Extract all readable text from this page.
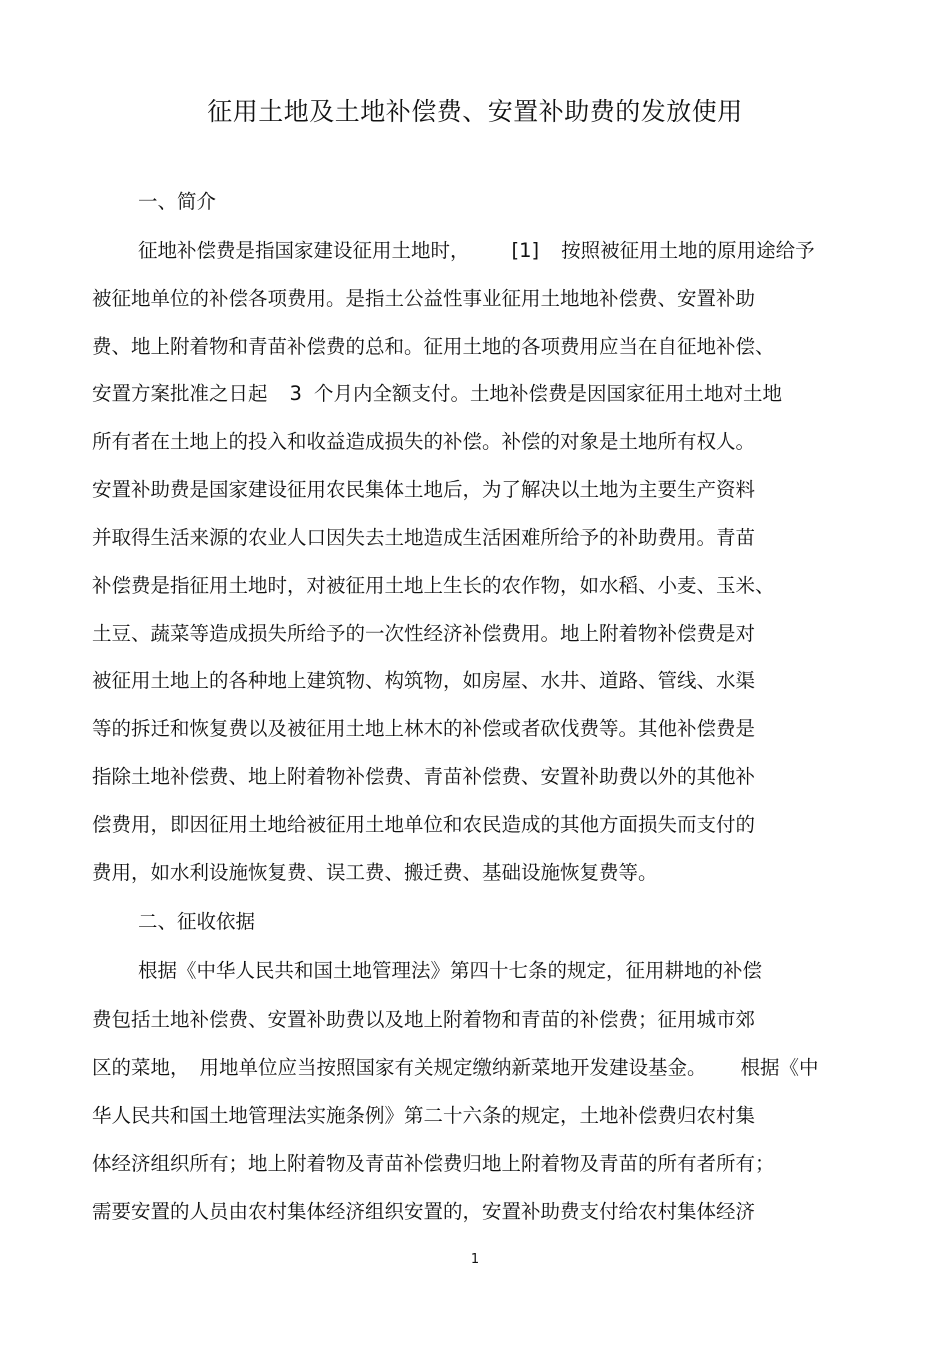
征用土地及土地补偿费、安置补助费的发放使用
一、简介
征地补偿费是指国家建设征用土地时， [1] 按照被征用土地的原用途给予
被征地单位的补偿各项费用。是指土公益性事业征用土地地补偿费、安置补助
费、地上附着物和青苗补偿费的总和。征用土地的各项费用应当在自征地补偿、
安置方案批准之日起 3 个月内全额支付。土地补偿费是因国家征用土地对土地
所有者在土地上的投入和收益造成损失的补偿。补偿的对象是土地所有权人。
安置补助费是国家建设征用农民集体土地后，为了解决以土地为主要生产资料
并取得生活来源的农业人口因失去土地造成生活困难所给予的补助费用。青苗
补偿费是指征用土地时，对被征用土地上生长的农作物，如水稻、小麦、玉米、
土豆、蔬菜等造成损失所给予的一次性经济补偿费用。地上附着物补偿费是对
被征用土地上的各种地上建筑物、构筑物，如房屋、水井、道路、管线、水渠
等的拆迁和恢复费以及被征用土地上林木的补偿或者砍伐费等。其他补偿费是
指除土地补偿费、地上附着物补偿费、青苗补偿费、安置补助费以外的其他补
偿费用，即因征用土地给被征用土地单位和农民造成的其他方面损失而支付的
费用，如水利设施恢复费、误工费、搬迁费、基础设施恢复费等。
二、征收依据
根据《中华人民共和国土地管理法》第四十七条的规定，征用耕地的补偿
费包括土地补偿费、安置补助费以及地上附着物和青苗的补偿费；征用城市郊
区的菜地， 用地单位应当按照国家有关规定缴纳新菜地开发建设基金。 根据《中
华人民共和国土地管理法实施条例》第二十六条的规定，土地补偿费归农村集
体经济组织所有；地上附着物及青苗补偿费归地上附着物及青苗的所有者所有；
需要安置的人员由农村集体经济组织安置的，安置补助费支付给农村集体经济
1
